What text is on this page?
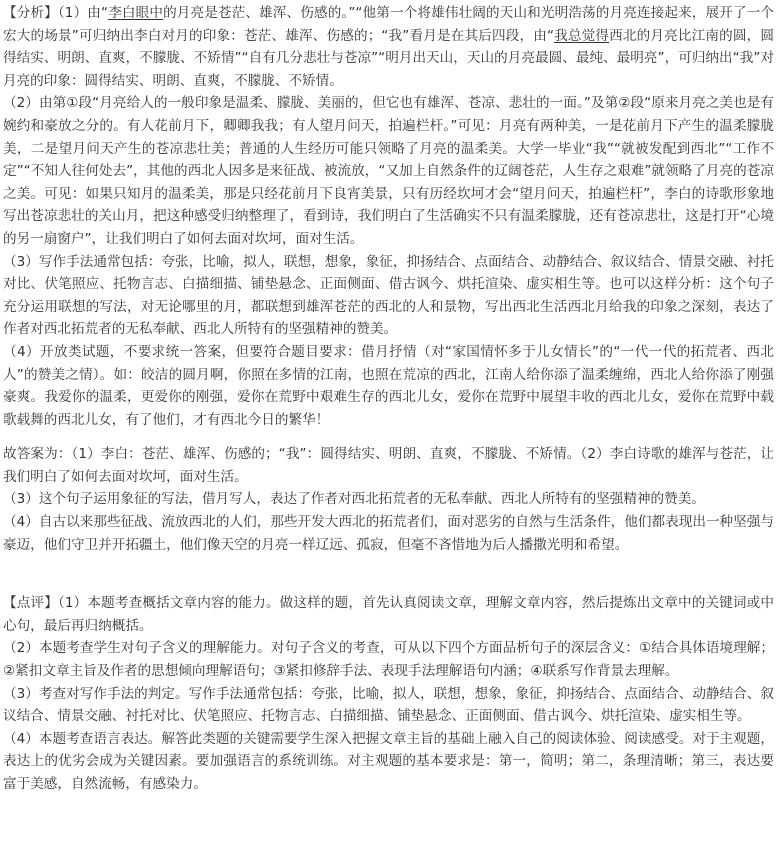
【分析】（1）由“李白眼中的月亮是苍茫、雄浑、伤感的。”“他第一个将雄伟壮阔的天山和光明浩荡的月亮连接起来，展开了一个宏大的场景”可归纳出李白对月的印象：苍茫、雄浑、伤感的；“我”看月是在其后四段，由“我总觉得西北的月亮比江南的圆，圆得结实、明朗、直爽，不朦胧、不矫情”“自有几分悲壮与苍凉”“明月出天山，天山的月亮最圆、最纯、最明亮”，可归纳出“我”对月亮的印象：圆得结实、明朗、直爽，不朦胧、不矫情。

（2）由第①段“月亮给人的一般印象是温柔、朦胧、美丽的，但它也有雄浑、苍凉、悲壮的一面。”及第②段“原来月亮之美也是有婉约和豪放之分的。有人花前月下，卿卿我我；有人望月问天，拍遍栏杆。”可见：月亮有两种美，一是花前月下产生的温柔朦胧美，二是望月问天产生的苍凉悲壮美；普通的人生经历可能只领略了月亮的温柔美。大学一毕业“我”“就被发配到西北”“工作不定”“不知人往何处去”，其他的西北人因多是来征战、被流放，“又加上自然条件的辽阔苍茫，人生存之艰难”就领略了月亮的苍凉之美。可见：如果只知月的温柔美，那是只经花前月下良宵美景，只有历经坎坷才会“望月问天，拍遍栏杆”，李白的诗歌形象地写出苍凉悲壮的关山月，把这种感受归纳整理了，看到诗，我们明白了生活确实不只有温柔朦胧，还有苍凉悲壮，这是打开“心境的另一扇窗户”，让我们明白了如何去面对坎坷，面对生活。

（3）写作手法通常包括：夸张，比喻，拟人，联想，想象，象征，抑扬结合、点面结合、动静结合、叙议结合、情景交融、衬托对比、伏笔照应、托物言志、白描细描、铺垫悬念、正面侧面、借古讽今、烘托渲染、虚实相生等。也可以这样分析：这个句子充分运用联想的写法，对无论哪里的月，都联想到雄浑苍茫的西北的人和景物，写出西北生活西北月给我的印象之深刻，表达了作者对西北拓荒者的无私奉献、西北人所特有的坚强精神的赞美。

（4）开放类试题，不要求统一答案，但要符合题目要求：借月抒情（对“家国情怀多于儿女情长”的“一代一代的拓荒者、西北人”的赞美之情）。如：皎洁的圆月啊，你照在多情的江南，也照在荒凉的西北，江南人给你添了温柔缠绵，西北人给你添了刚强豪爽。我爱你的温柔，更爱你的刚强，爱你在荒野中艰难生存的西北儿女，爱你在荒野中展望丰收的西北儿女，爱你在荒野中载歌载舞的西北儿女，有了他们，才有西北今日的繁华！

故答案为：（1）李白：苍茫、雄浑、伤感的；“我”：圆得结实、明朗、直爽，不朦胧、不矫情。（2）李白诗歌的雄浑与苍茫，让我们明白了如何去面对坎坷，面对生活。

（3）这个句子运用象征的写法，借月写人，表达了作者对西北拓荒者的无私奉献、西北人所特有的坚强精神的赞美。

（4）自古以来那些征战、流放西北的人们，那些开发大西北的拓荒者们，面对恶劣的自然与生活条件，他们都表现出一种坚强与豪迈，他们守卫并开拓疆土，他们像天空的月亮一样辽远、孤寂，但毫不吝惜地为后人播撒光明和希望。

【点评】（1）本题考查概括文章内容的能力。做这样的题，首先认真阅读文章，理解文章内容，然后提炼出文章中的关键词或中心句，最后再归纳概括。

（2）本题考查学生对句子含义的理解能力。对句子含义的考查，可从以下四个方面品析句子的深层含义：①结合具体语境理解；②紧扣文章主旨及作者的思想倾向理解语句；③紧扣修辞手法、表现手法理解语句内涵；④联系写作背景去理解。

（3）考查对写作手法的判定。写作手法通常包括：夸张，比喻，拟人，联想，想象，象征，抑扬结合、点面结合、动静结合、叙议结合、情景交融、衬托对比、伏笔照应、托物言志、白描细描、铺垫悬念、正面侧面、借古讽今、烘托渲染、虚实相生等。

（4）本题考查语言表达。解答此类题的关键需要学生深入把握文章主旨的基础上融入自己的阅读体验、阅读感受。对于主观题，表达上的优劣会成为关键因素。要加强语言的系统训练。对主观题的基本要求是：第一，简明；第二，条理清晰；第三，表达要富于美感，自然流畅，有感染力。
